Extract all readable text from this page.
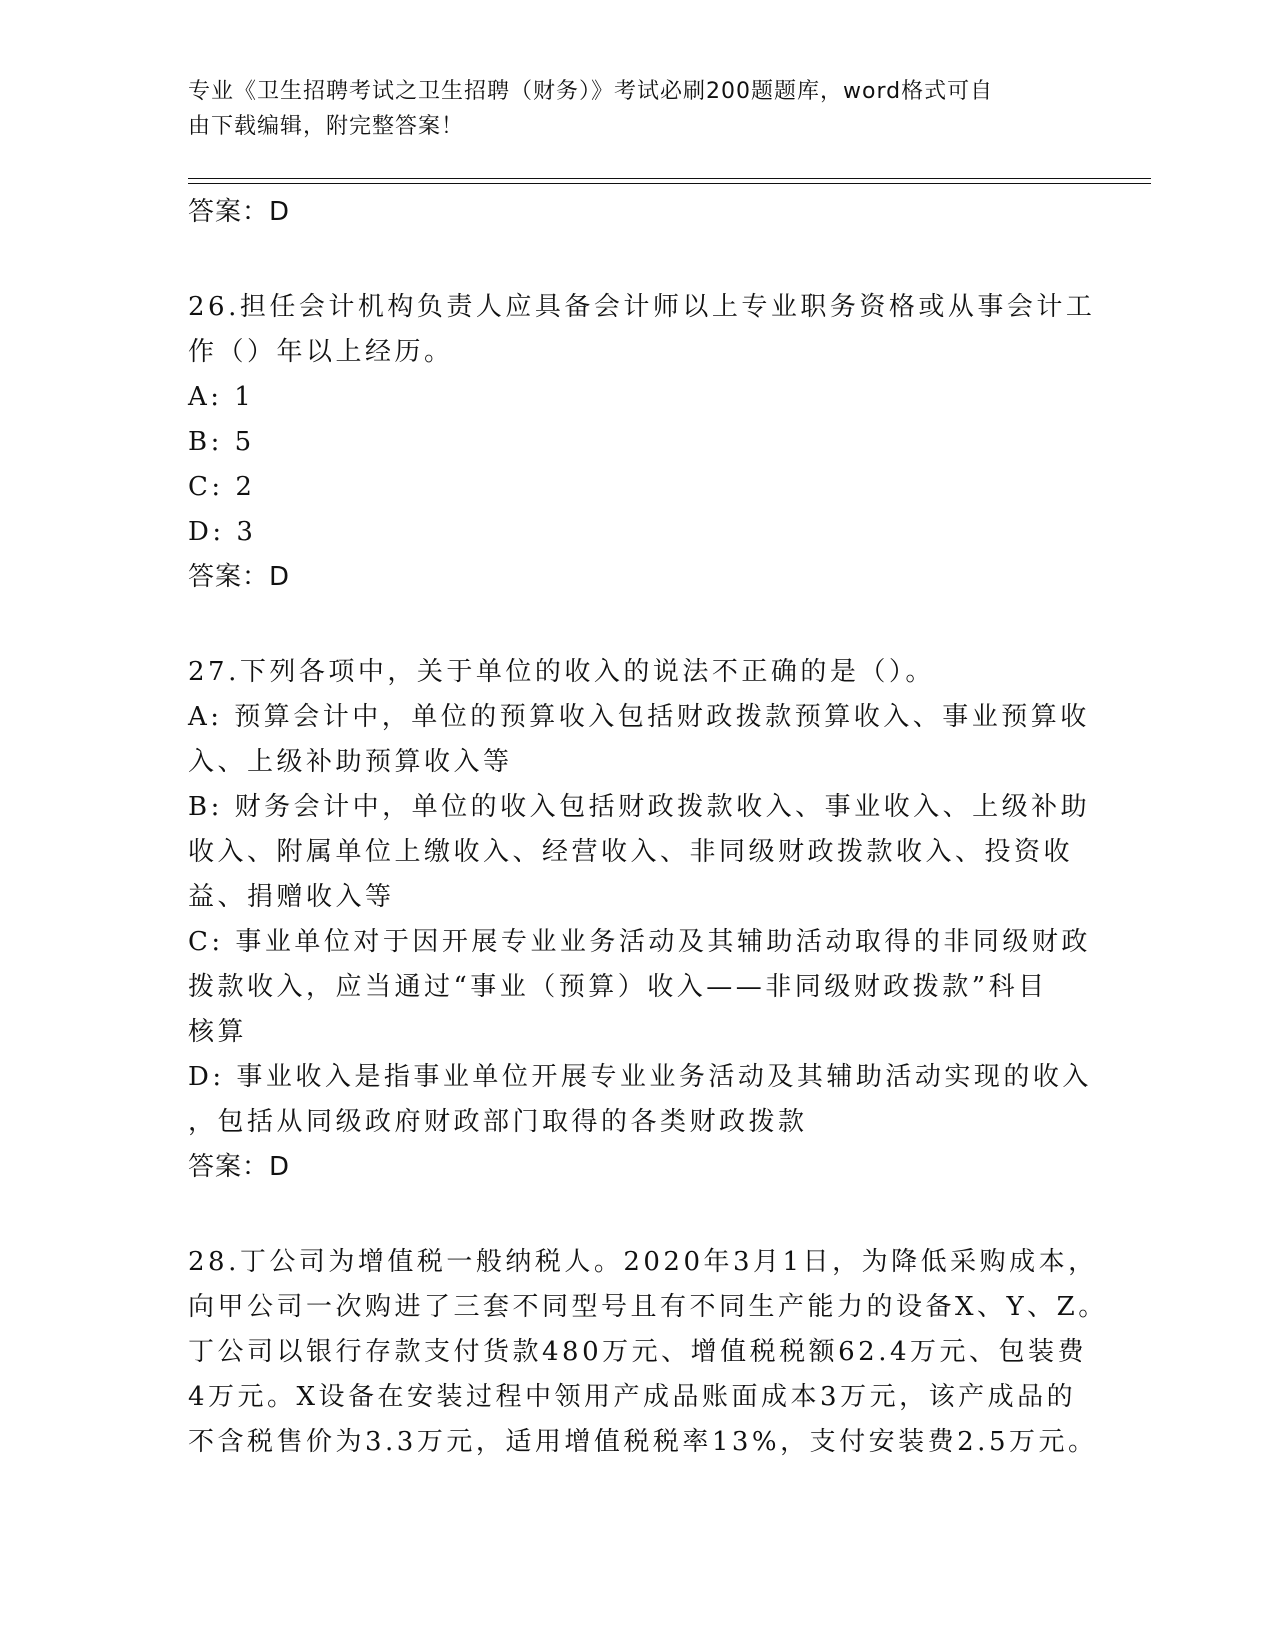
专业《卫生招聘考试之卫生招聘（财务）》考试必刷200题题库，word格式可自
由下载编辑，附完整答案！
答案：D
26.担任会计机构负责人应具备会计师以上专业职务资格或从事会计工
作（）年以上经历。
A: 1
B: 5
C: 2
D: 3
答案：D
27.下列各项中，关于单位的收入的说法不正确的是（）。
A: 预算会计中，单位的预算收入包括财政拨款预算收入、事业预算收
入、上级补助预算收入等
B: 财务会计中，单位的收入包括财政拨款收入、事业收入、上级补助
收入、附属单位上缴收入、经营收入、非同级财政拨款收入、投资收
益、捐赠收入等
C: 事业单位对于因开展专业业务活动及其辅助活动取得的非同级财政
拨款收入，应当通过“事业（预算）收入——非同级财政拨款”科目
核算
D: 事业收入是指事业单位开展专业业务活动及其辅助活动实现的收入
，包括从同级政府财政部门取得的各类财政拨款
答案：D
28.丁公司为增值税一般纳税人。2020年3月1日，为降低采购成本，
向甲公司一次购进了三套不同型号且有不同生产能力的设备X、Y、Z。
丁公司以银行存款支付货款480万元、增值税税额62.4万元、包装费
4万元。X设备在安装过程中领用产成品账面成本3万元，该产成品的
不含税售价为3.3万元，适用增值税税率13%，支付安装费2.5万元。
